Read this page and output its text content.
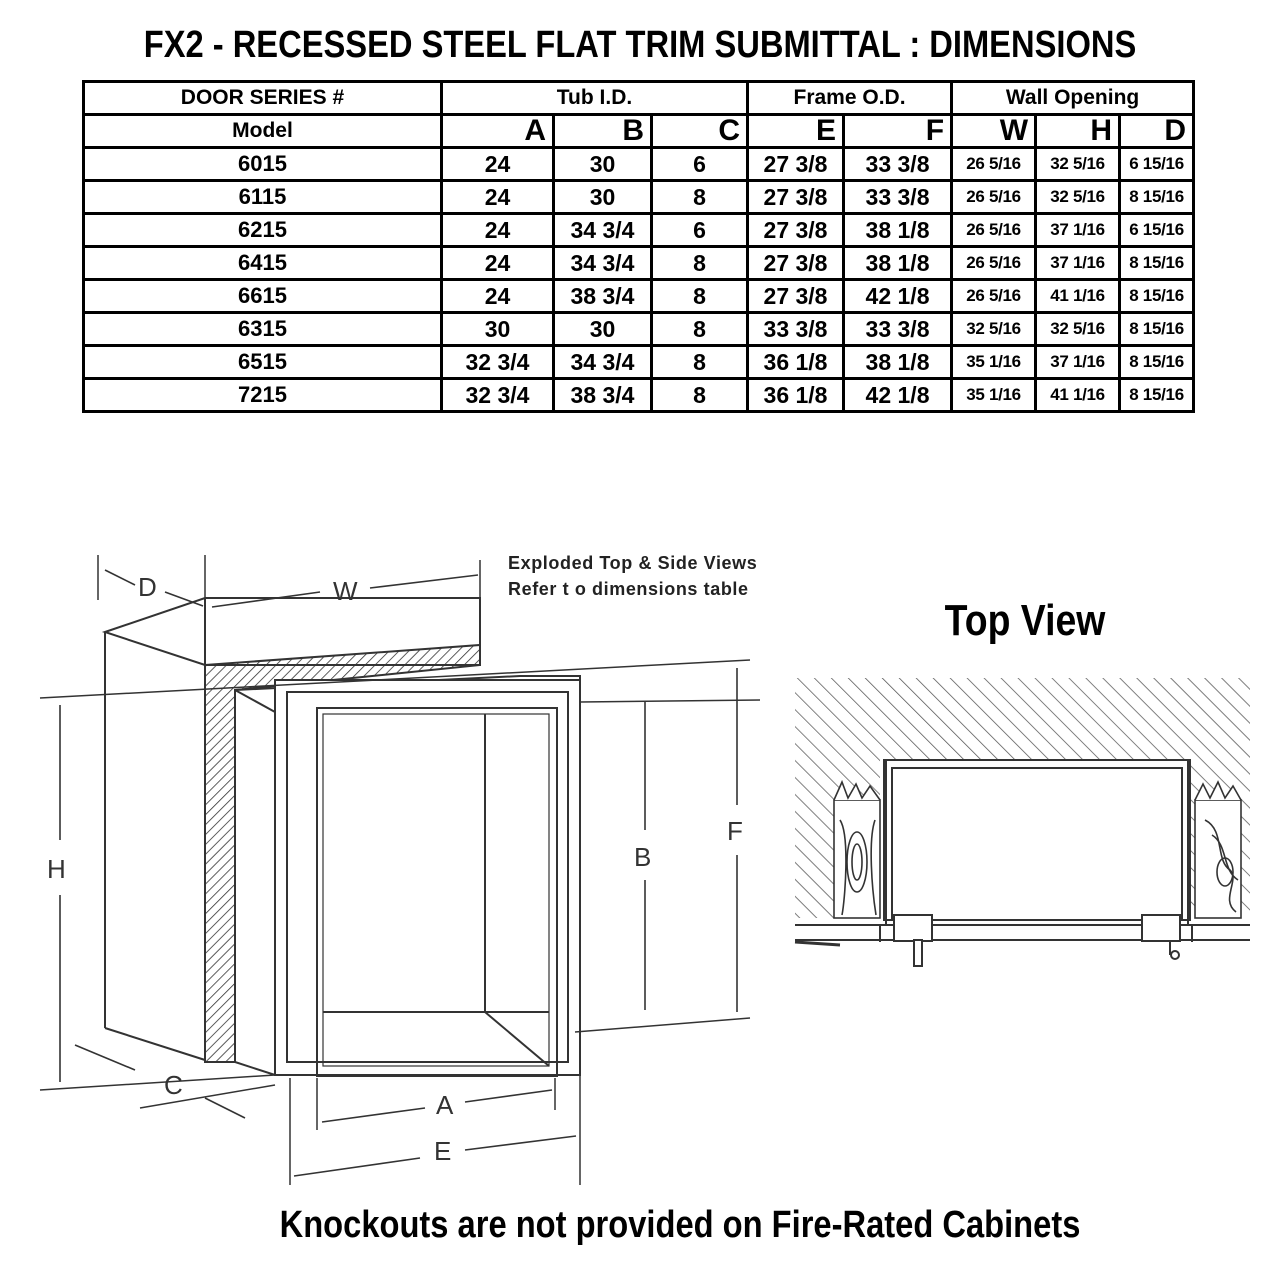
FX2 - RECESSED STEEL FLAT TRIM SUBMITTAL : DIMENSIONS
DOOR SERIES #	Tub I.D.			Frame O.D.		Wall Opening		
Model	A	B	C	E	F	W	H	D
6015	24	30	6	27 3/8	33 3/8	26 5/16	32 5/16	6 15/16
6115	24	30	8	27 3/8	33 3/8	26 5/16	32 5/16	8 15/16
6215	24	34 3/4	6	27 3/8	38 1/8	26 5/16	37 1/16	6 15/16
6415	24	34 3/4	8	27 3/8	38 1/8	26 5/16	37 1/16	8 15/16
6615	24	38 3/4	8	27 3/8	42 1/8	26 5/16	41 1/16	8 15/16
6315	30	30	8	33 3/8	33 3/8	32 5/16	32 5/16	8 15/16
6515	32 3/4	34 3/4	8	36 1/8	38 1/8	35 1/16	37 1/16	8 15/16
7215	32 3/4	38 3/4	8	36 1/8	42 1/8	35 1/16	41 1/16	8 15/16
D	W
H	B
F
C
A
E
Exploded Top & Side Views
Refer t o dimensions table
Top View
Knockouts are not provided on Fire-Rated Cabinets
